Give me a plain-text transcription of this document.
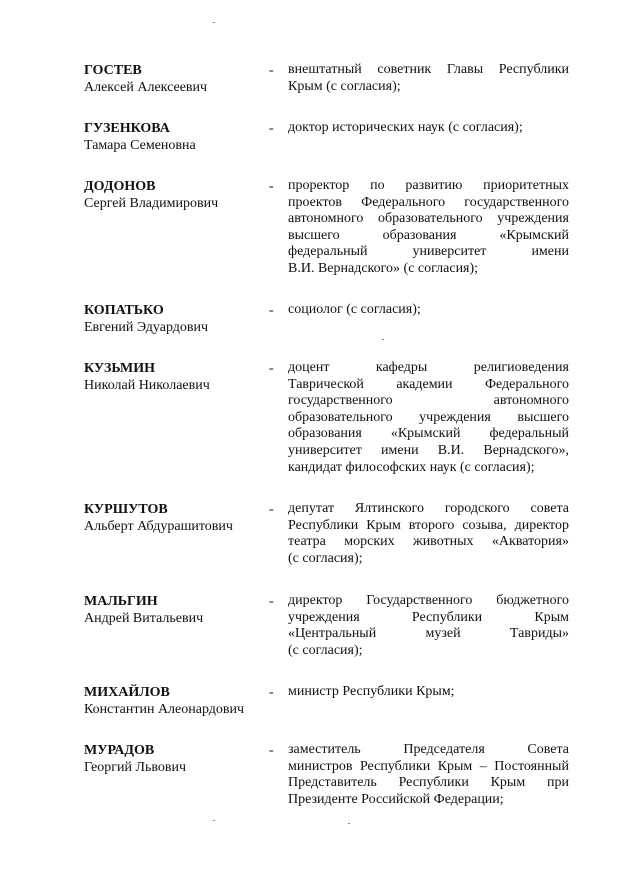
ГОСТЕВ
Алексей Алексеевич
- внештатный советник Главы Республики
Крым (с согласия);
ГУЗЕНКОВА
Тамара Семеновна
- доктор исторических наук (с согласия);
ДОДОНОВ
Сергей Владимирович
- проректор по развитию приоритетных
проектов Федерального государственного
автономного образовательного учреждения
высшего	образования	«Крымский
федеральный	университет	имени
В.И. Вернадского» (с согласия);
КОПАТЬКО
Евгений Эдуардович
- социолог (с согласия);
КУЗЬМИН
Николай Николаевич
- доцент	кафедры	религиоведения
Таврической академии Федерального
государственного	автономного
образовательного учреждения высшего
образования «Крымский федеральный
университет имени В.И. Вернадского»,
кандидат философских наук (с согласия);
КУРШУТОВ
Альберт Абдурашитович
- депутат Ялтинского городского совета
Республики Крым второго созыва, директор
театра морских животных «Акватория»
(с согласия);
МАЛЬГИН
Андрей Витальевич
- директор Государственного бюджетного
учреждения	Республики	Крым
«Центральный	музей	Тавриды»
(с согласия);
МИХАЙЛОВ
Константин Алеонардович
- министр Республики Крым;
МУРАДОВ
Георгий Львович
- заместитель	Председателя	Совета
министров Республики Крым – Постоянный
Представитель Республики Крым при
Президенте Российской Федерации;
